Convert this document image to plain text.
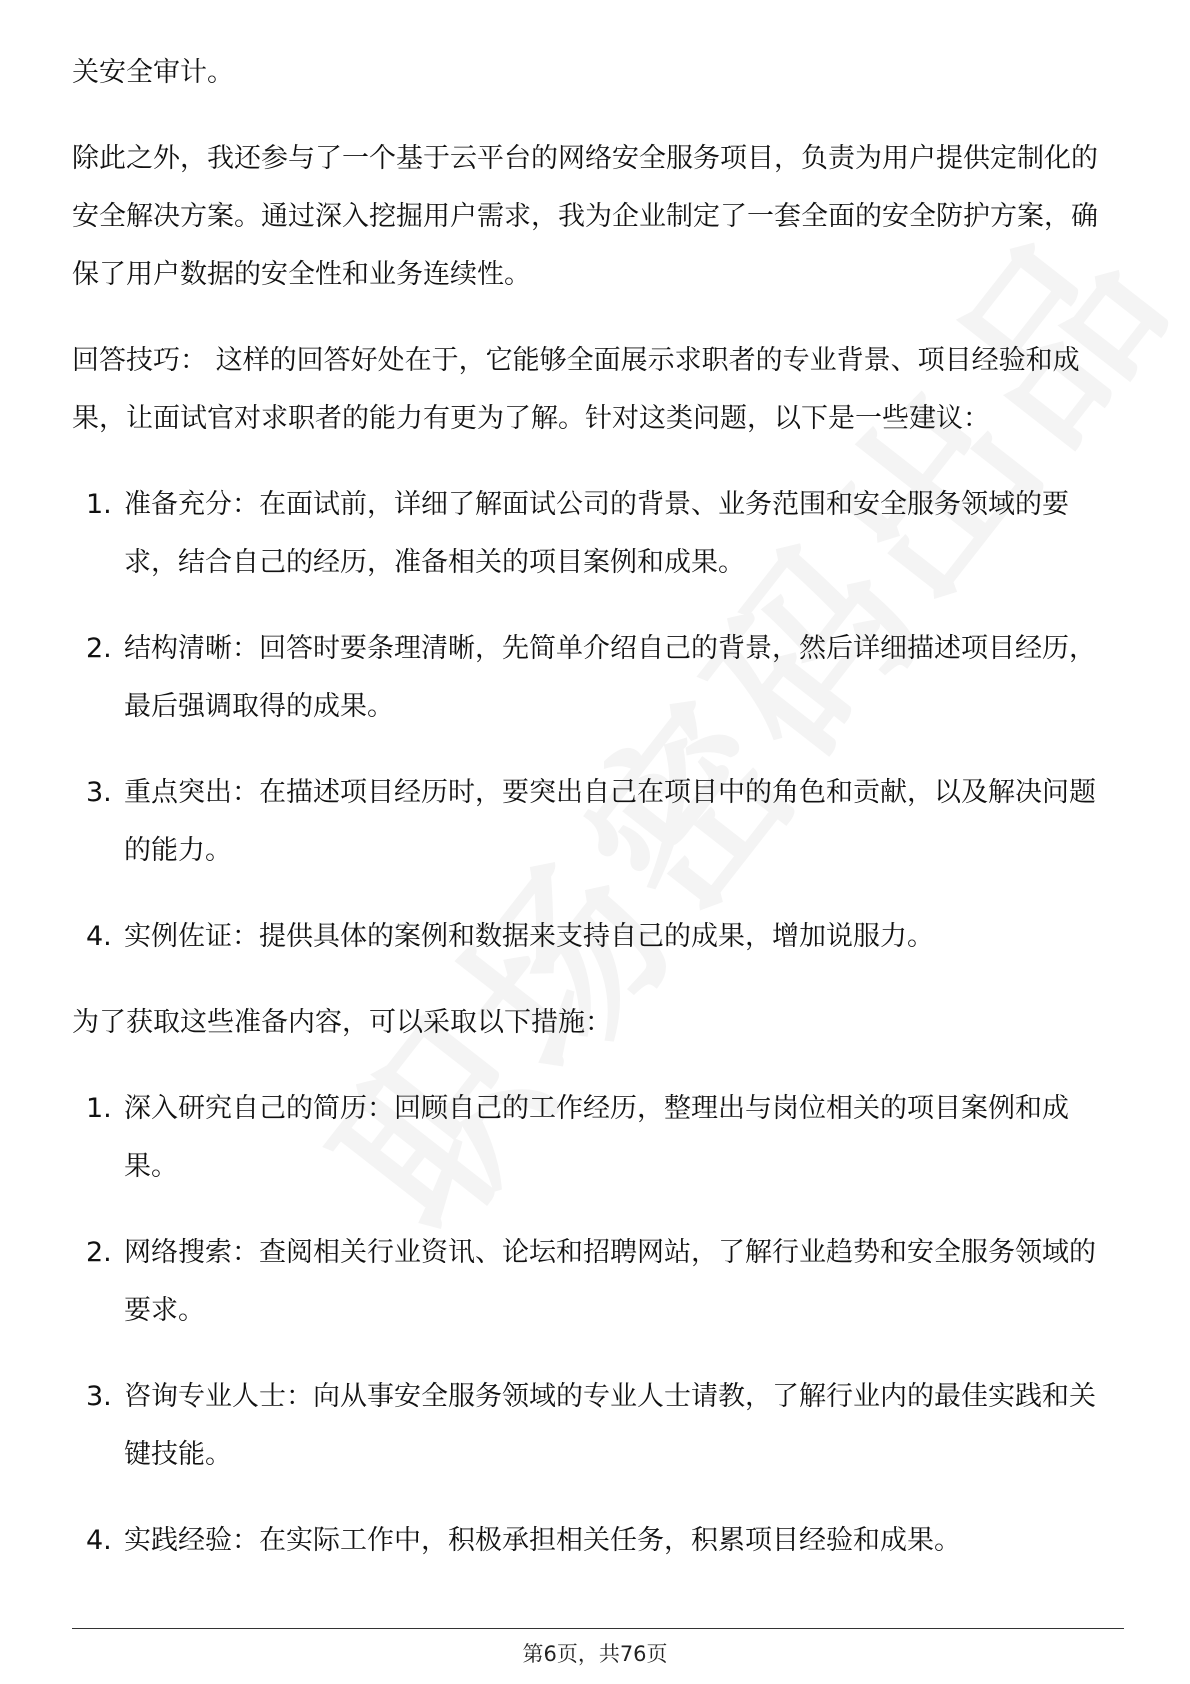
关安全审计。

除此之外，我还参与了一个基于云平台的网络安全服务项目，负责为用户提供定制化的安全解决方案。通过深入挖掘用户需求，我为企业制定了一套全面的安全防护方案，确保了用户数据的安全性和业务连续性。

回答技巧： 这样的回答好处在于，它能够全面展示求职者的专业背景、项目经验和成果，让面试官对求职者的能力有更为了解。针对这类问题，以下是一些建议：

1. 准备充分：在面试前，详细了解面试公司的背景、业务范围和安全服务领域的要求，结合自己的经历，准备相关的项目案例和成果。
2. 结构清晰：回答时要条理清晰，先简单介绍自己的背景，然后详细描述项目经历，最后强调取得的成果。
3. 重点突出：在描述项目经历时，要突出自己在项目中的角色和贡献，以及解决问题的能力。
4. 实例佐证：提供具体的案例和数据来支持自己的成果，增加说服力。

为了获取这些准备内容，可以采取以下措施：

1. 深入研究自己的简历：回顾自己的工作经历，整理出与岗位相关的项目案例和成果。
2. 网络搜索：查阅相关行业资讯、论坛和招聘网站，了解行业趋势和安全服务领域的要求。
3. 咨询专业人士：向从事安全服务领域的专业人士请教，了解行业内的最佳实践和关键技能。
4. 实践经验：在实际工作中，积极承担相关任务，积累项目经验和成果。
第6页，共76页
